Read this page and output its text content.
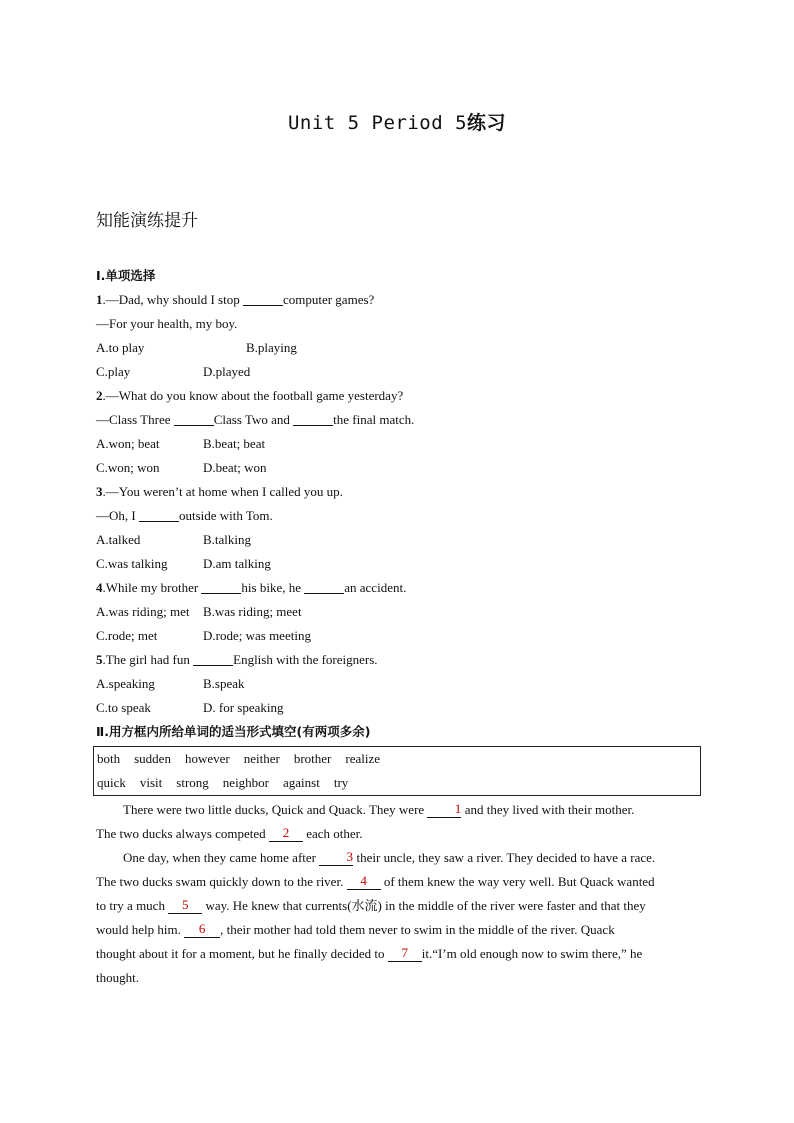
Unit 5 Period 5练习
知能演练提升
Ⅰ.单项选择
1.—Dad, why should I stop	computer games?
—For your health, my boy.
A.to play	B.playing
C.play	D.played
2.—What do you know about the football game yesterday?
—Class Three	Class Two and	the final match.
A.won; beat	B.beat; beat
C.won; won	D.beat; won
3.—You weren’t at home when I called you up.
—Oh, I	outside with Tom.
A.talked	B.talking
C.was talking	D.am talking
4.While my brother	his bike, he	an accident.
A.was riding; met B.was riding; meet
C.rode; met	D.rode; was meeting
5.The girl had fun	English with the foreigners.
A.speaking	B.speak
C.to speak	D. for speaking
Ⅱ.用方框内所给单词的适当形式填空(有两项多余)
both sudden however neither brother realize
quick visit strong neighbor against try
There were two little ducks, Quick and Quack. They were 1 and they lived with their mother.
The two ducks always competed 2 each other.
One day, when they came home after 3 their uncle, they saw a river. They decided to have a race.
The two ducks swam quickly down to the river. 4 of them knew the way very well. But Quack wanted
to try a much 5 way. He knew that currents(水流) in the middle of the river were faster and that they
would help him. 6 , their mother had told them never to swim in the middle of the river. Quack
thought about it for a moment, but he finally decided to 7 it.“I’m old enough now to swim there,” he
thought.
